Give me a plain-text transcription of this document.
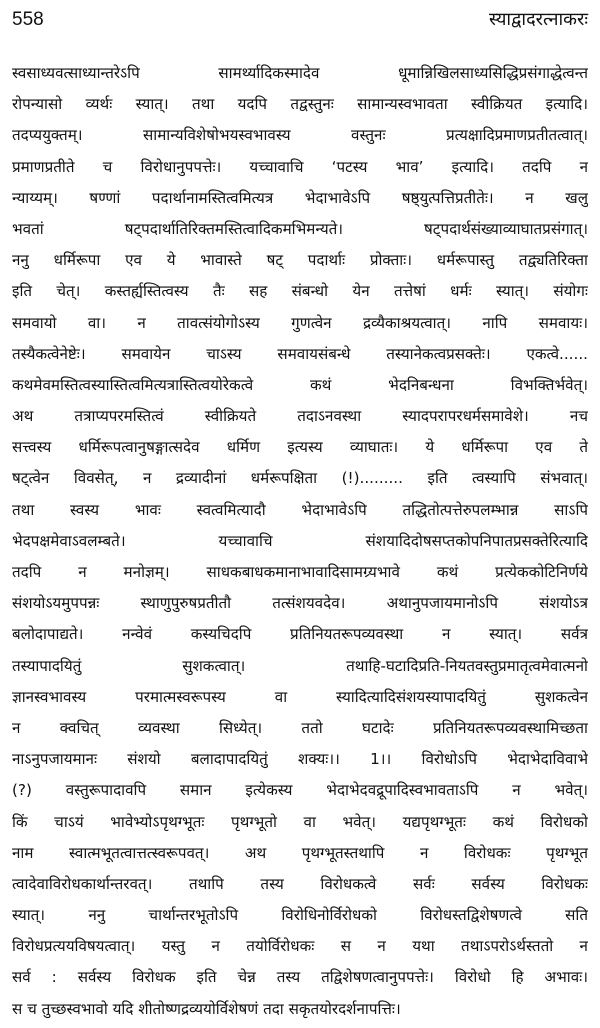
558	स्याद्वादरत्नाकरः
स्वसाध्यवत्साध्यान्तरेऽपि सामर्थ्यादिकस्मादेव धूमान्निखिलसाध्यसिद्धिप्रसंगाद्धेत्वन्त
रोपन्यासो व्यर्थः स्यात्। तथा यदपि तद्वस्तुनः सामान्यस्वभावता स्वीक्रियत इत्यादि।
तदप्ययुक्तम्। सामान्यविशेषोभयस्वभावस्य वस्तुनः प्रत्यक्षादिप्रमाणप्रतीतत्वात्।
प्रमाणप्रतीते च विरोधानुपपत्तेः। यच्चावाचि ‘पटस्य भाव’ इत्यादि। तदपि न
न्याय्यम्। षण्णां पदार्थानामस्तित्वमित्यत्र भेदाभावेऽपि षष्ठ्युत्पत्तिप्रतीतेः। न खलु
भवतां षट्पदार्थातिरिक्तमस्तित्वादिकमभिमन्यते। षट्पदार्थसंख्याव्याघातप्रसंगात्।
ननु धर्मिरूपा एव ये भावास्ते षट् पदार्थाः प्रोक्ताः। धर्मरूपास्तु तद्व्यतिरिक्ता
इति चेत्। कस्तर्ह्यस्तित्वस्य तैः सह संबन्धो येन तत्तेषां धर्मः स्यात्। संयोगः
समवायो वा। न तावत्संयोगोऽस्य गुणत्वेन द्रव्यैकाश्रयत्वात्। नापि समवायः।
तस्यैकत्वेनेष्टेः। समवायेन चाऽस्य समवायसंबन्धे तस्यानेकत्वप्रसक्तेः। एकत्वे......
कथमेवमस्तित्वस्यास्तित्वमित्यत्रास्तित्वयोरेकत्वे कथं भेदनिबन्धना विभक्तिर्भवेत्।
अथ तत्राप्यपरमस्तित्वं स्वीक्रियते तदाऽनवस्था स्यादपरापरधर्मसमावेशे। नच
सत्त्वस्य धर्मिरूपत्वानुषङ्गात्सदेव धर्मिण इत्यस्य व्याघातः। ये धर्मिरूपा एव ते
षट्त्वेन विवसेत्, न द्रव्यादीनां धर्मरूपक्षिता (!)......... इति त्वस्यापि संभवात्।
तथा स्वस्य भावः स्वत्वमित्यादौ भेदाभावेऽपि तद्धितोत्पत्तेरुपलम्भान्न साऽपि
भेदपक्षमेवाऽवलम्बते। यच्चावाचि संशयादिदोषसप्तकोपनिपातप्रसक्तेरित्यादि
तदपि न मनोज्ञम्। साधकबाधकमानाभावादिसामग्र्यभावे कथं प्रत्येककोटिनिर्णये
संशयोऽयमुपपन्नः स्थाणुपुरुषप्रतीतौ तत्संशयवदेव। अथानुपजायमानोऽपि संशयोऽत्र
बलोदापाद्यते। नन्वेवं कस्यचिदपि प्रतिनियतरूपव्यवस्था न स्यात्। सर्वत्र
तस्यापादयितुं सुशकत्वात्। तथाहि-घटादिप्रति-नियतवस्तुप्रमातृत्वमेवात्मनो
ज्ञानस्वभावस्य परमात्मस्वरूपस्य वा स्यादित्यादिसंशयस्यापादयितुं सुशकत्वेन
न क्वचित् व्यवस्था सिध्येत्। ततो घटादेः प्रतिनियतरूपव्यवस्थामिच्छता
नाऽनुपजायमानः संशयो बलादापादयितुं शक्यः।। 1।। विरोधोऽपि भेदाभेदाविवाभे
(?) वस्तुरूपादावपि समान इत्येकस्य भेदाभेदवद्रूपादिस्वभावताऽपि न भवेत्।
किं चाऽयं भावेभ्योऽपृथग्भूतः पृथग्भूतो वा भवेत्। यद्यपृथग्भूतः कथं विरोधको
नाम स्वात्मभूतत्वात्तत्स्वरूपवत्। अथ पृथग्भूतस्तथापि न विरोधकः पृथग्भूत
त्वादेवाविरोधकार्थान्तरवत्। तथापि तस्य विरोधकत्वे सर्वः सर्वस्य विरोधकः
स्यात्। ननु चार्थान्तरभूतोऽपि विरोधिनोर्विरोधको विरोधस्तद्विशेषणत्वे सति
विरोधप्रत्ययविषयत्वात्। यस्तु न तयोर्विरोधकः स न यथा तथाऽपरोऽर्थस्ततो न
सर्व : सर्वस्य विरोधक इति चेन्न तस्य तद्विशेषणत्वानुपपत्तेः। विरोधो हि अभावः।
स च तुच्छस्वभावो यदि शीतोष्णद्रव्ययोर्विशेषणं तदा सकृतयोरदर्शनापत्तिः।
